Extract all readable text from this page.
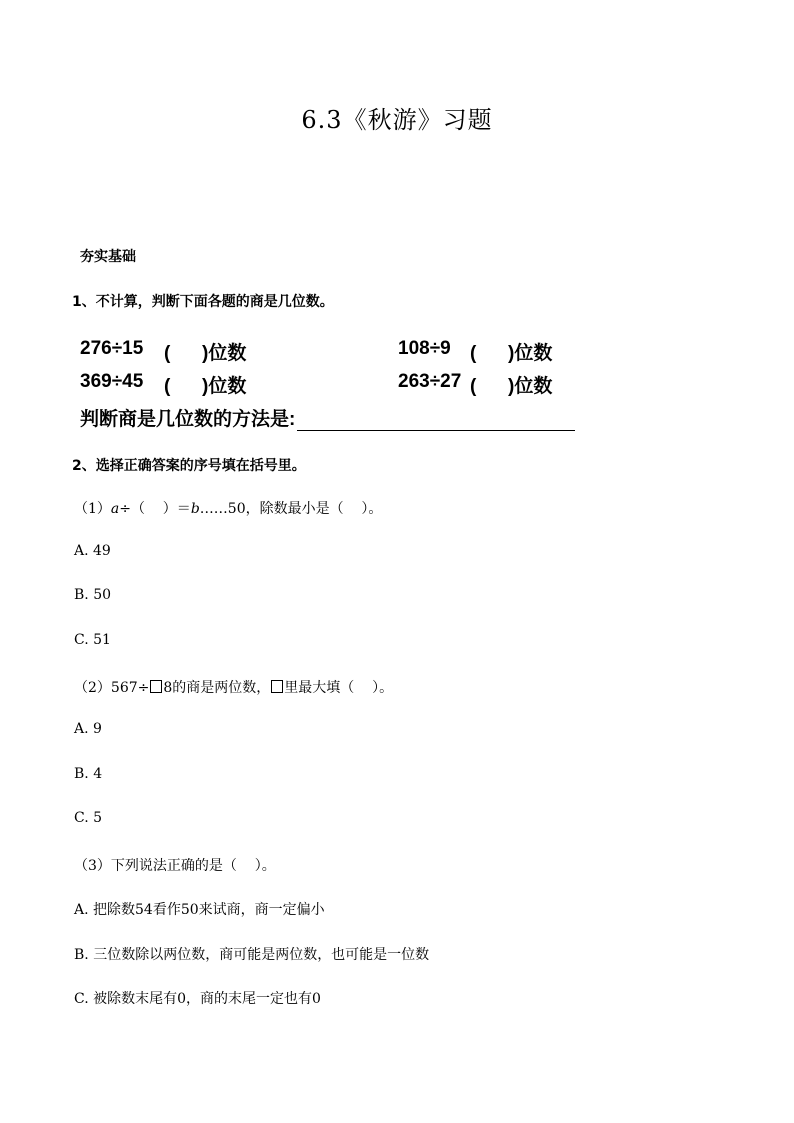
6.3《秋游》习题
夯实基础
1、不计算，判断下面各题的商是几位数。
276÷15 (      )位数	108÷9 (      )位数
369÷45 (      )位数	263÷27 (      )位数
判断商是几位数的方法是:
2、选择正确答案的序号填在括号里。
（1）a÷（    ）＝b……50，除数最小是（    ）。
A. 49
B. 50
C. 51
（2）567÷ 8的商是两位数， 里最大填（    ）。
A. 9
B. 4
C. 5
（3）下列说法正确的是（    ）。
A. 把除数54看作50来试商，商一定偏小
B. 三位数除以两位数，商可能是两位数，也可能是一位数
C. 被除数末尾有0，商的末尾一定也有0
